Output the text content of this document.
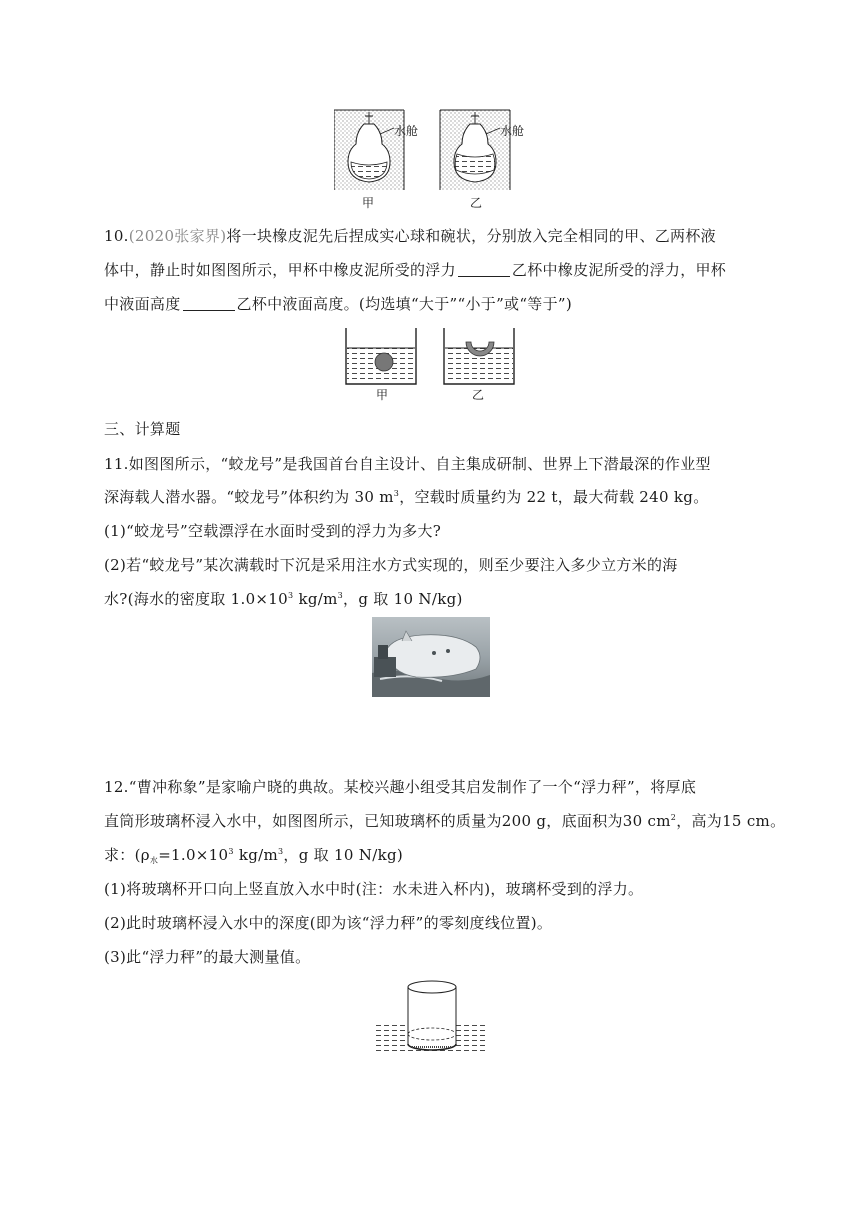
水舱	水舱
甲	乙
10.(2020张家界)将一块橡皮泥先后捏成实心球和碗状，分别放入完全相同的甲、乙两杯液
体中，静止时如图图所示，甲杯中橡皮泥所受的浮力	乙杯中橡皮泥所受的浮力，甲杯
中液面高度	乙杯中液面高度。(均选填“大于”“小于”或“等于”)
甲	乙
三、计算题
11.如图图所示，“蛟龙号”是我国首台自主设计、自主集成研制、世界上下潜最深的作业型
深海载人潜水器。“蛟龙号”体积约为 30 $m^3$，空载时质量约为 22 t，最大荷载 240 kg。
(1)“蛟龙号”空载漂浮在水面时受到的浮力为多大?
(2)若“蛟龙号”某次满载时下沉是采用注水方式实现的，则至少要注入多少立方米的海
水?(海水的密度取 $1.0\times 10^3$ $kg/m^3$，g 取 10 N/kg)
12.“曹冲称象”是家喻户晓的典故。某校兴趣小组受其启发制作了一个“浮力秤”，将厚底
直筒形玻璃杯浸入水中，如图图所示，已知玻璃杯的质量为200 g，底面积为30 $cm^2$，高为15 cm。
求：($\rho_水=1.0\times 10^3$ $kg/m^3$，g 取 10 N/kg)
(1)将玻璃杯开口向上竖直放入水中时(注：水未进入杯内)，玻璃杯受到的浮力。
(2)此时玻璃杯浸入水中的深度(即为该“浮力秤”的零刻度线位置)。
(3)此“浮力秤”的最大测量值。
